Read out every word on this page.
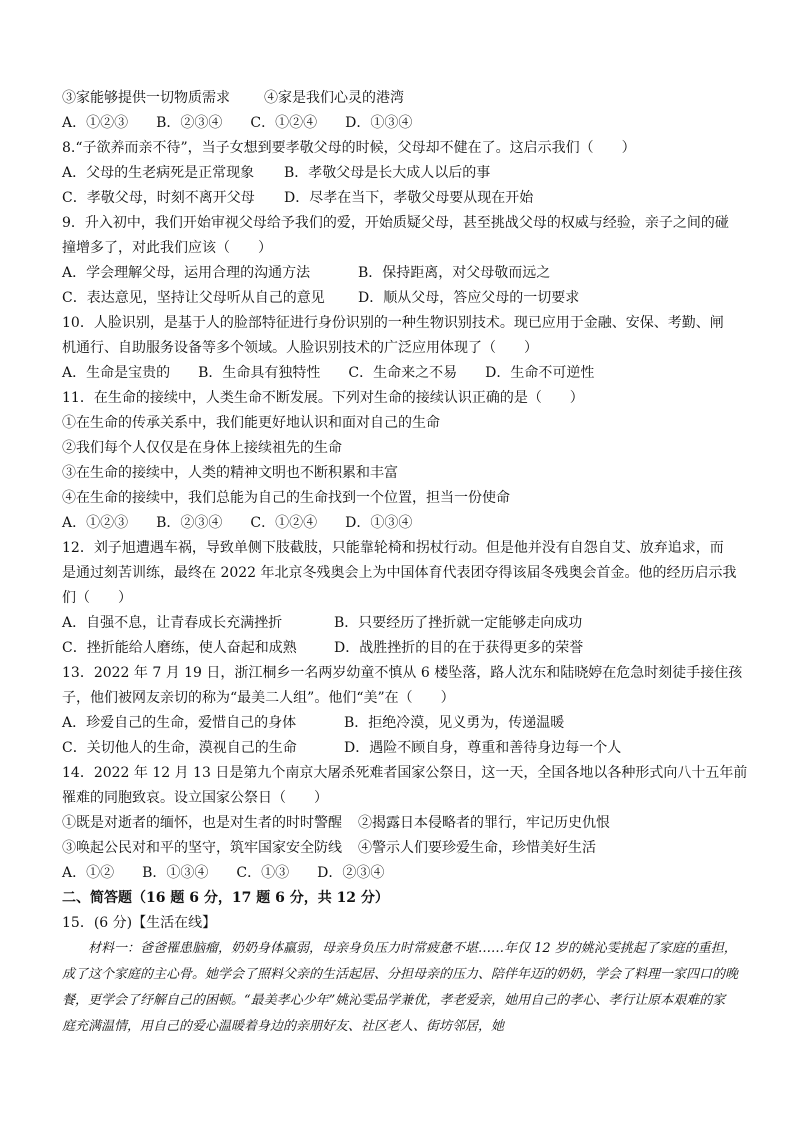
③家能够提供一切物质需求 ④家是我们心灵的港湾
A．①②③ B．②③④ C．①②④ D．①③④
8.“子欲养而亲不待”，当子女想到要孝敬父母的时候，父母却不健在了。这启示我们（　　）
A．父母的生老病死是正常现象 B．孝敬父母是长大成人以后的事
C．孝敬父母，时刻不离开父母 D．尽孝在当下，孝敬父母要从现在开始
9．升入初中，我们开始审视父母给予我们的爱，开始质疑父母，甚至挑战父母的权威与经验，亲子之间的碰
撞增多了，对此我们应该（　　）
A．学会理解父母，运用合理的沟通方法	B．保持距离，对父母敬而远之
C．表达意见，坚持让父母听从自己的意见 D．顺从父母，答应父母的一切要求
10．人脸识别，是基于人的脸部特征进行身份识别的一种生物识别技术。现已应用于金融、安保、考勤、闸
机通行、自助服务设备等多个领域。人脸识别技术的广泛应用体现了（　　）
A．生命是宝贵的 B．生命具有独特性 C．生命来之不易 D．生命不可逆性
11．在生命的接续中，人类生命不断发展。下列对生命的接续认识正确的是（　　）
①在生命的传承关系中，我们能更好地认识和面对自己的生命
②我们每个人仅仅是在身体上接续祖先的生命
③在生命的接续中，人类的精神文明也不断积累和丰富
④在生命的接续中，我们总能为自己的生命找到一个位置，担当一份使命
A．①②③ B．②③④ C．①②④ D．①③④
12．刘子旭遭遇车祸，导致单侧下肢截肢，只能靠轮椅和拐杖行动。但是他并没有自怨自艾、放弃追求，而
是通过刻苦训练，最终在 2022 年北京冬残奥会上为中国体育代表团夺得该届冬残奥会首金。他的经历启示我
们（　　）
A．自强不息，让青春成长充满挫折	B．只要经历了挫折就一定能够走向成功
C．挫折能给人磨练，使人奋起和成熟	D．战胜挫折的目的在于获得更多的荣誉
13．2022 年 7 月 19 日，浙江桐乡一名两岁幼童不慎从 6 楼坠落，路人沈东和陆晓婷在危急时刻徒手接住孩
子，他们被网友亲切的称为“最美二人组”。他们“美”在（　　）
A．珍爱自己的生命，爱惜自己的身体	B．拒绝冷漠，见义勇为，传递温暖
C．关切他人的生命，漠视自己的生命	D．遇险不顾自身，尊重和善待身边每一个人
14．2022 年 12 月 13 日是第九个南京大屠杀死难者国家公祭日，这一天，全国各地以各种形式向八十五年前
罹难的同胞致哀。设立国家公祭日（　　）
①既是对逝者的缅怀，也是对生者的时时警醒 ②揭露日本侵略者的罪行，牢记历史仇恨
③唤起公民对和平的坚守，筑牢国家安全防线 ④警示人们要珍爱生命，珍惜美好生活
A．①② B．①③④ C．①③ D．②③④
二、简答题（16 题 6 分，17 题 6 分，共 12 分）
15．(6 分)【生活在线】
材料一：爸爸罹患脑瘤，奶奶身体羸弱，母亲身负压力时常疲惫不堪……年仅 12 岁的姚沁雯挑起了家庭的重担，成了这个家庭的主心骨。她学会了照料父亲的生活起居、分担母亲的压力、陪伴年迈的奶奶，学会了料理一家四口的晚餐，更学会了纾解自己的困顿。“最美孝心少年”姚沁雯品学兼优，孝老爱亲，她用自己的孝心、孝行让原本艰难的家庭充满温情，用自己的爱心温暖着身边的亲朋好友、社区老人、街坊邻居，她
